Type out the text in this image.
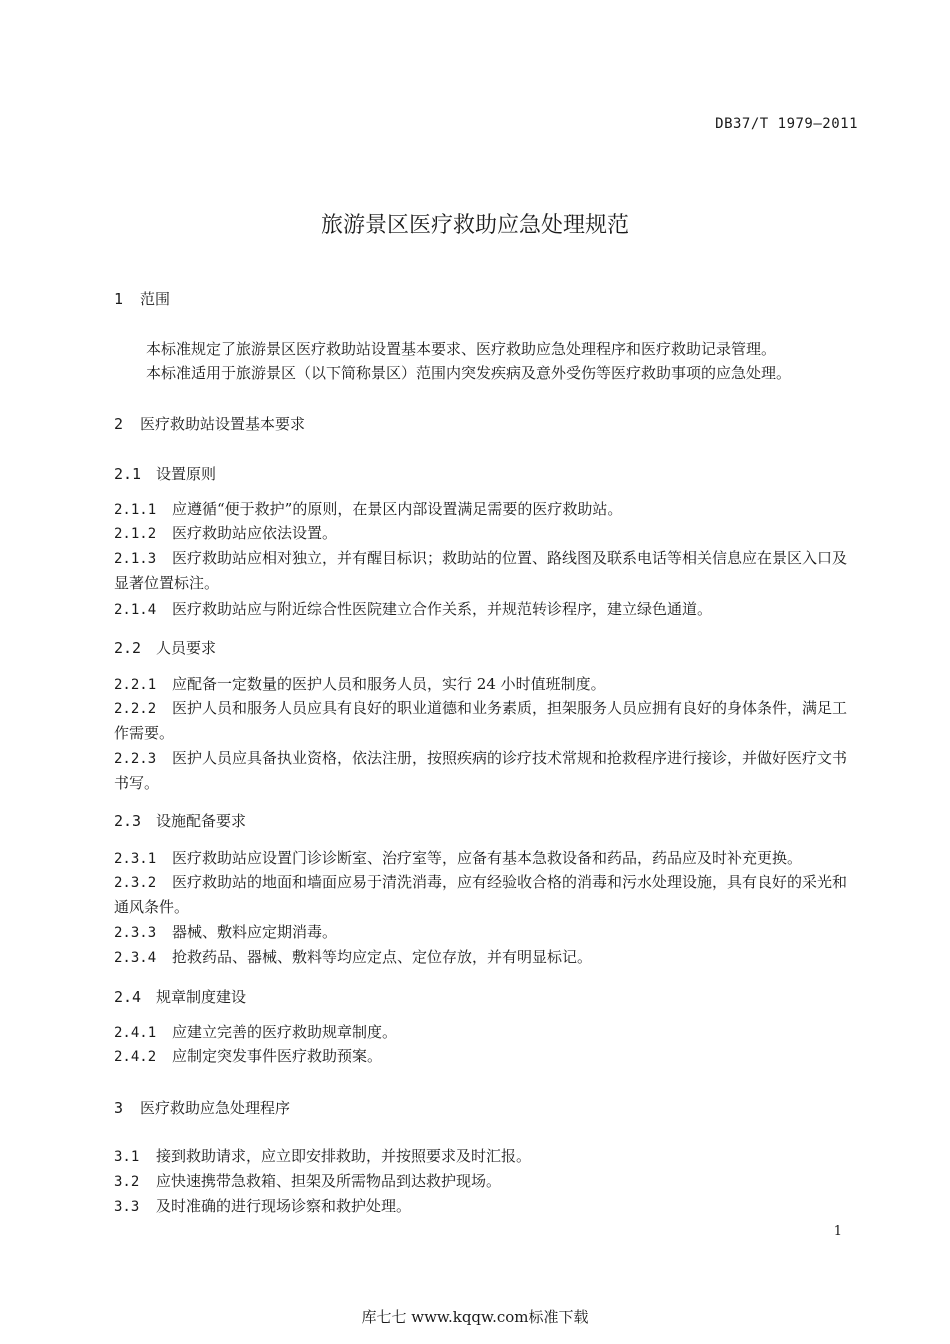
DB37/T 1979—2011
旅游景区医疗救助应急处理规范
1 范围
本标准规定了旅游景区医疗救助站设置基本要求、医疗救助应急处理程序和医疗救助记录管理。
本标准适用于旅游景区（以下简称景区）范围内突发疾病及意外受伤等医疗救助事项的应急处理。
2 医疗救助站设置基本要求
2.1 设置原则
2.1.1 应遵循“便于救护”的原则，在景区内部设置满足需要的医疗救助站。
2.1.2 医疗救助站应依法设置。
2.1.3 医疗救助站应相对独立，并有醒目标识；救助站的位置、路线图及联系电话等相关信息应在景区入口及显著位置标注。
2.1.4 医疗救助站应与附近综合性医院建立合作关系，并规范转诊程序，建立绿色通道。
2.2 人员要求
2.2.1 应配备一定数量的医护人员和服务人员，实行 24 小时值班制度。
2.2.2 医护人员和服务人员应具有良好的职业道德和业务素质，担架服务人员应拥有良好的身体条件，满足工作需要。
2.2.3 医护人员应具备执业资格，依法注册，按照疾病的诊疗技术常规和抢救程序进行接诊，并做好医疗文书书写。
2.3 设施配备要求
2.3.1 医疗救助站应设置门诊诊断室、治疗室等，应备有基本急救设备和药品，药品应及时补充更换。
2.3.2 医疗救助站的地面和墙面应易于清洗消毒，应有经验收合格的消毒和污水处理设施，具有良好的采光和通风条件。
2.3.3 器械、敷料应定期消毒。
2.3.4 抢救药品、器械、敷料等均应定点、定位存放，并有明显标记。
2.4 规章制度建设
2.4.1 应建立完善的医疗救助规章制度。
2.4.2 应制定突发事件医疗救助预案。
3 医疗救助应急处理程序
3.1 接到救助请求，应立即安排救助，并按照要求及时汇报。
3.2 应快速携带急救箱、担架及所需物品到达救护现场。
3.3 及时准确的进行现场诊察和救护处理。
1
库七七 www.kqqw.com标准下载
